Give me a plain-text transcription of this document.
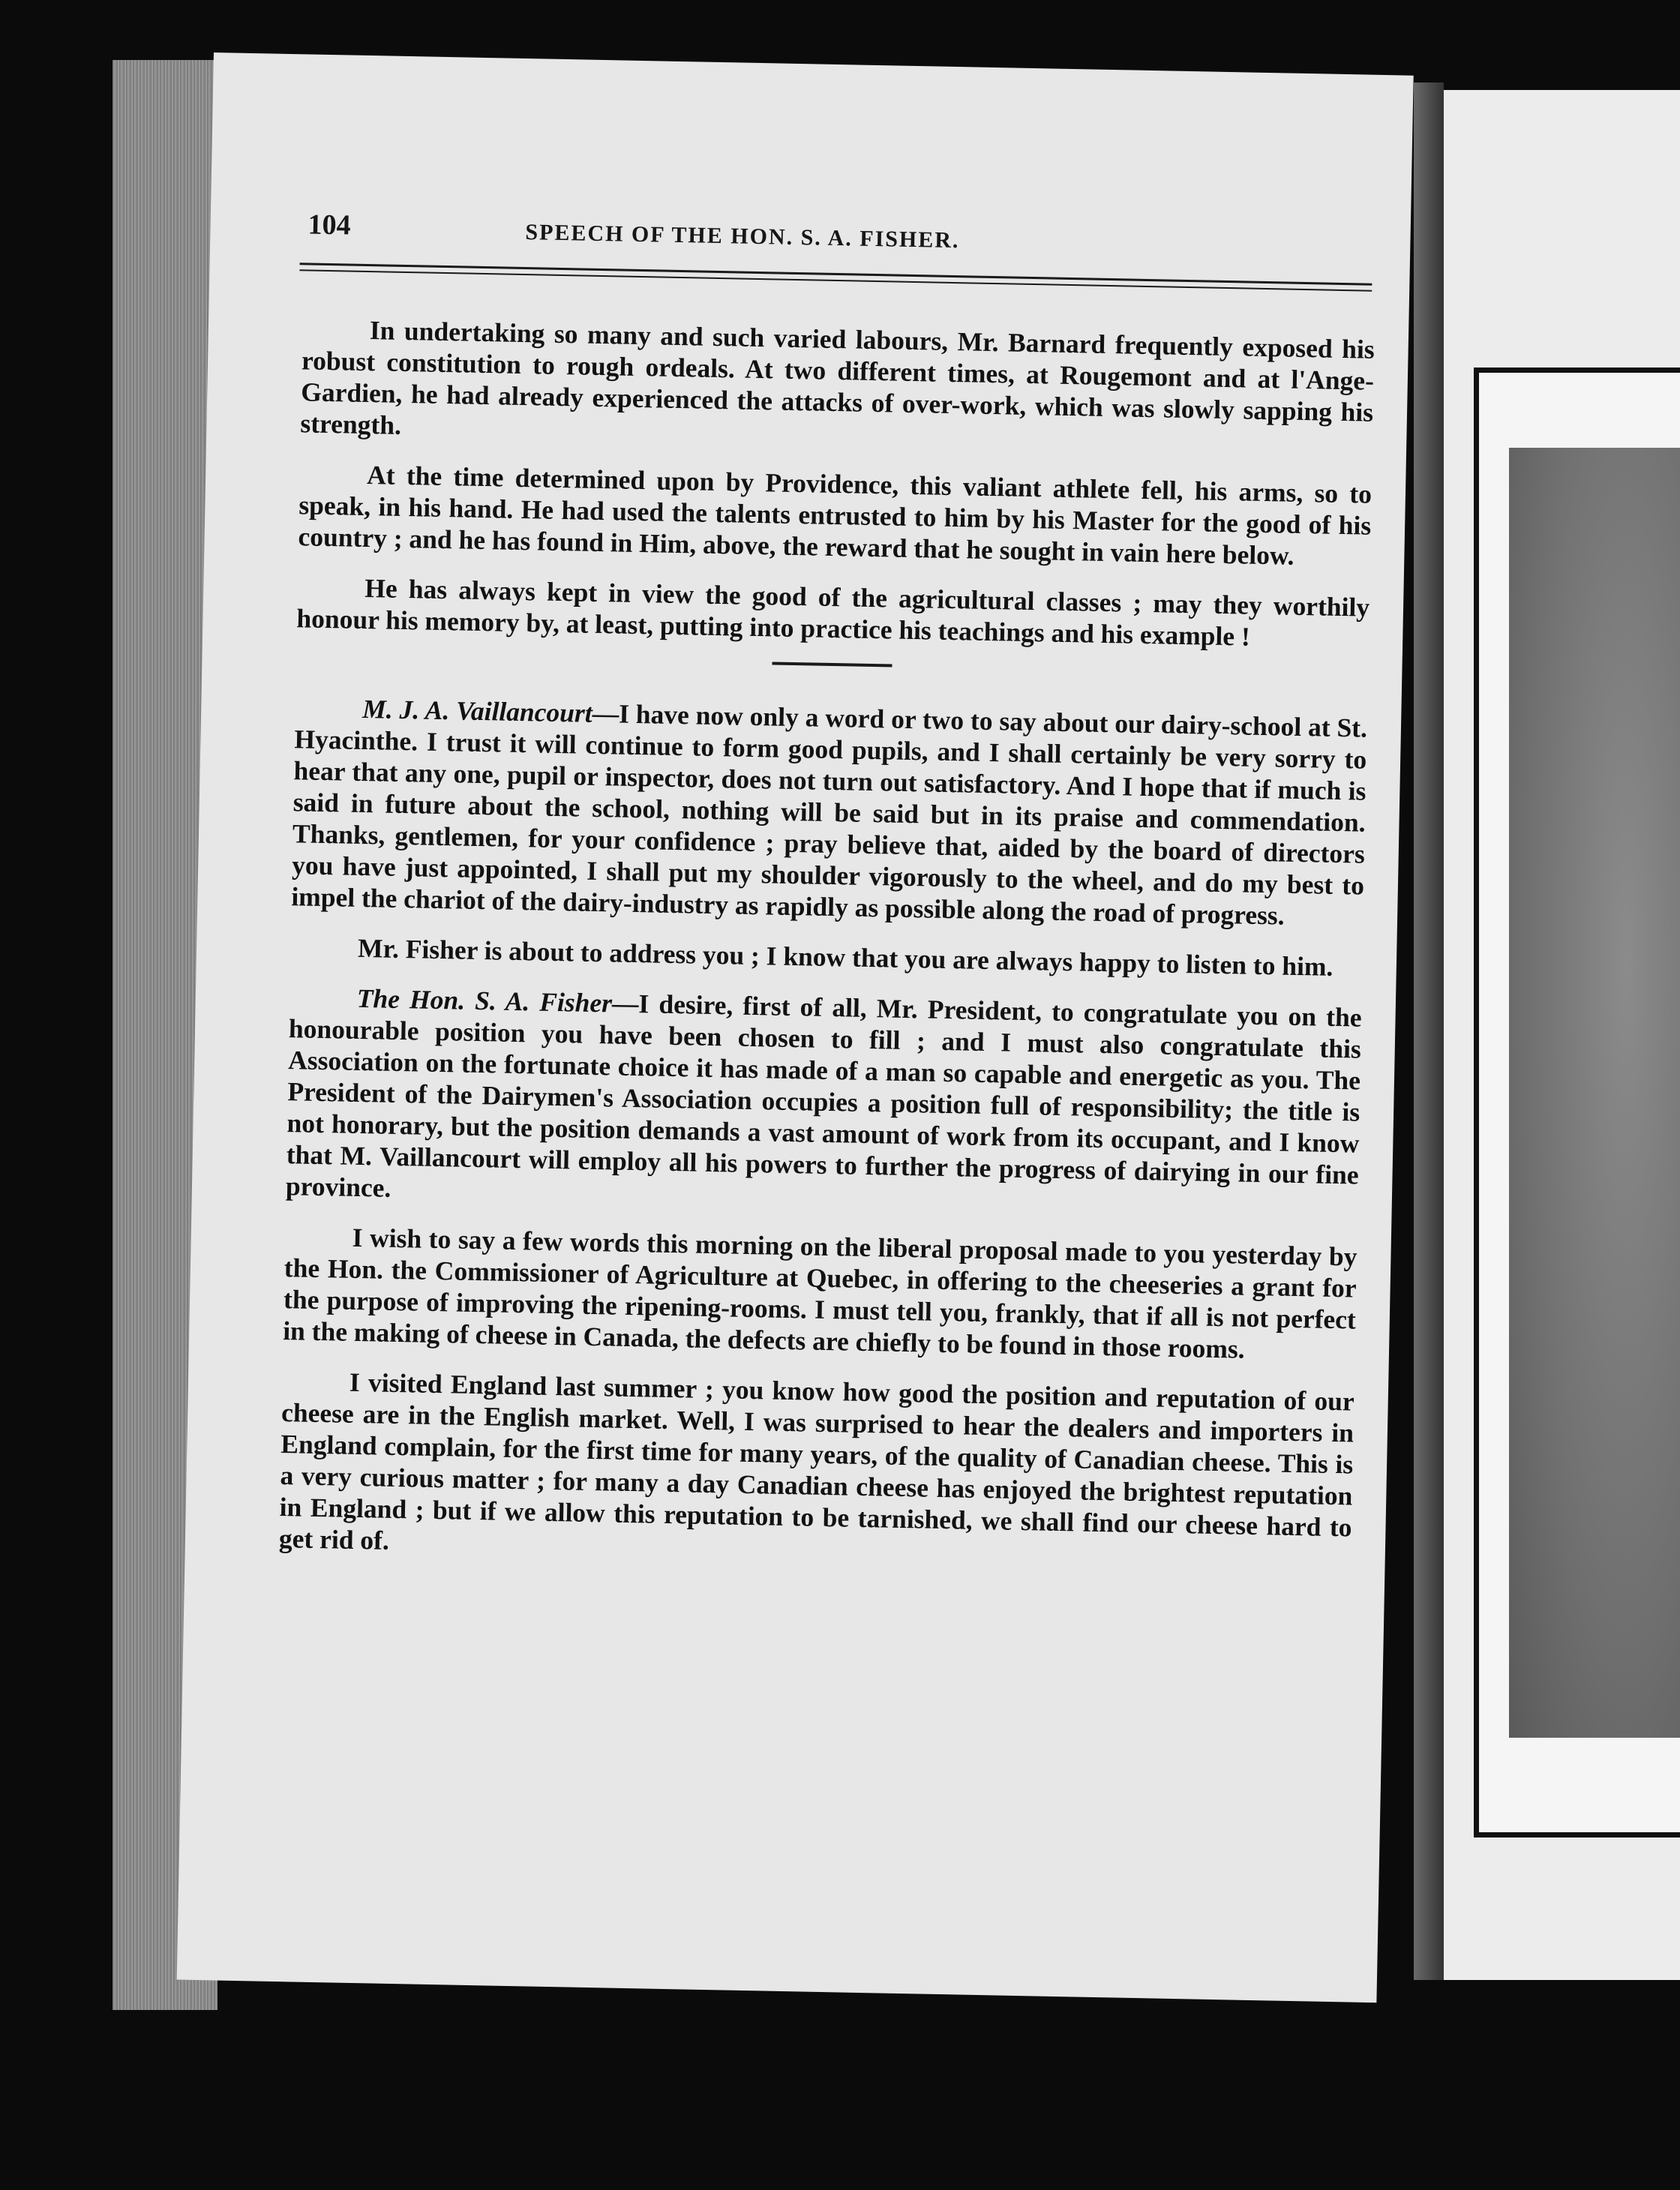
104	SPEECH OF THE HON. S. A. FISHER.

In undertaking so many and such varied labours, Mr. Barnard frequently exposed his robust constitution to rough ordeals. At two different times, at Rougemont and at l'Ange-Gardien, he had already experienced the attacks of over-work, which was slowly sapping his strength.

At the time determined upon by Providence, this valiant athlete fell, his arms, so to speak, in his hand. He had used the talents entrusted to him by his Master for the good of his country ; and he has found in Him, above, the reward that he sought in vain here below.

He has always kept in view the good of the agricultural classes ; may they worthily honour his memory by, at least, putting into practice his teachings and his example !

M. J. A. Vaillancourt—I have now only a word or two to say about our dairy-school at St. Hyacinthe. I trust it will continue to form good pupils, and I shall certainly be very sorry to hear that any one, pupil or inspector, does not turn out satisfactory. And I hope that if much is said in future about the school, nothing will be said but in its praise and commendation. Thanks, gentlemen, for your confidence ; pray believe that, aided by the board of directors you have just appointed, I shall put my shoulder vigorously to the wheel, and do my best to impel the chariot of the dairy-industry as rapidly as possible along the road of progress.

Mr. Fisher is about to address you ; I know that you are always happy to listen to him.

The Hon. S. A. Fisher—I desire, first of all, Mr. President, to congratulate you on the honourable position you have been chosen to fill ; and I must also congratulate this Association on the fortunate choice it has made of a man so capable and energetic as you. The President of the Dairymen's Association occupies a position full of responsibility; the title is not honorary, but the position demands a vast amount of work from its occupant, and I know that M. Vaillancourt will employ all his powers to further the progress of dairying in our fine province.

I wish to say a few words this morning on the liberal proposal made to you yesterday by the Hon. the Commissioner of Agriculture at Quebec, in offering to the cheeseries a grant for the purpose of improving the ripening-rooms. I must tell you, frankly, that if all is not perfect in the making of cheese in Canada, the defects are chiefly to be found in those rooms.

I visited England last summer ; you know how good the position and reputation of our cheese are in the English market. Well, I was surprised to hear the dealers and importers in England complain, for the first time for many years, of the quality of Canadian cheese. This is a very curious matter ; for many a day Canadian cheese has enjoyed the brightest reputation in England ; but if we allow this reputation to be tarnished, we shall find our cheese hard to get rid of.
